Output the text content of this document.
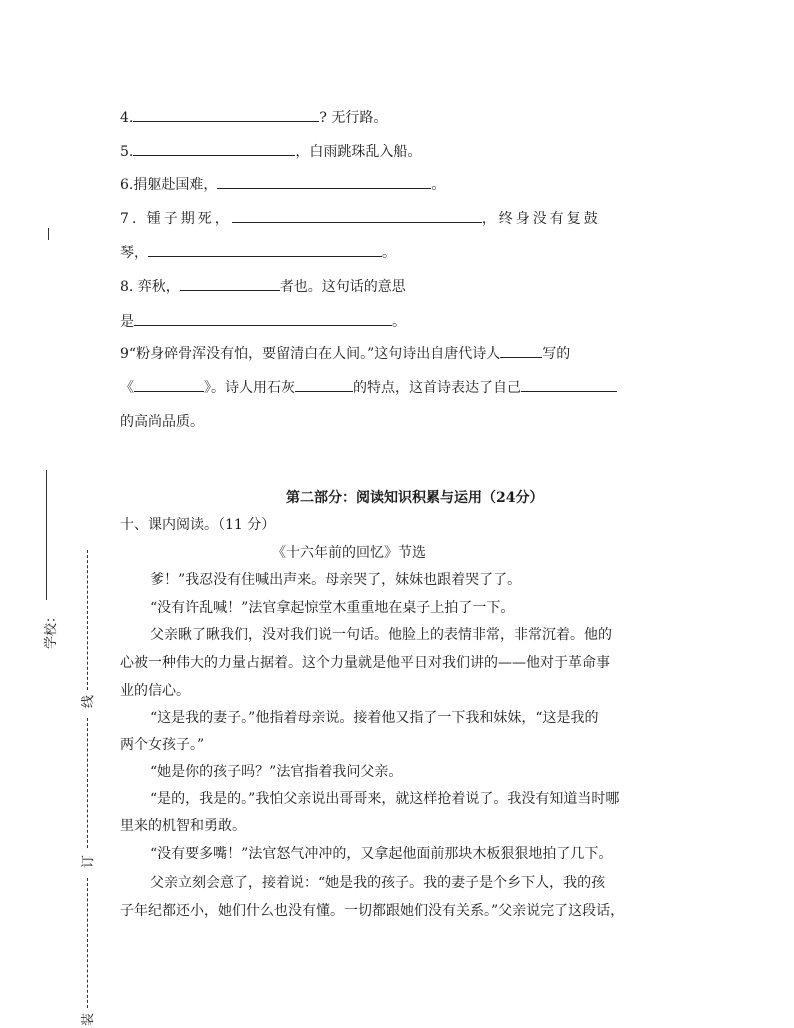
学校：
线
订
装
4.	? 无行路。
5.	，白雨跳珠乱入船。
6.捐躯赴国难，	。
7. 锺子期死，	，终身没有复鼓
琴，	。
8. 弈秋，	者也。这句话的意思
是	。
9“粉身碎骨浑没有怕，要留清白在人间。”这句诗出自唐代诗人	写的
《	》。诗人用石灰	的特点，这首诗表达了自己
的高尚品质。
第二部分：阅读知识积累与运用（24分）
十、课内阅读。（11 分）
《十六年前的回忆》节选
爹！”我忍没有住喊出声来。母亲哭了，妹妹也跟着哭了了。
“没有许乱喊！”法官拿起惊堂木重重地在桌子上拍了一下。
父亲瞅了瞅我们，没对我们说一句话。他脸上的表情非常，非常沉着。他的
心被一种伟大的力量占据着。这个力量就是他平日对我们讲的——他对于革命事
业的信心。
“这是我的妻子。”他指着母亲说。接着他又指了一下我和妹妹，“这是我的
两个女孩子。”
“她是你的孩子吗？”法官指着我问父亲。
“是的，我是的。”我怕父亲说出哥哥来，就这样抢着说了。我没有知道当时哪
里来的机智和勇敢。
“没有要多嘴！”法官怒气冲冲的，又拿起他面前那块木板狠狠地拍了几下。
父亲立刻会意了，接着说：“她是我的孩子。我的妻子是个乡下人，我的孩
子年纪都还小，她们什么也没有懂。一切都跟她们没有关系。”父亲说完了这段话，
